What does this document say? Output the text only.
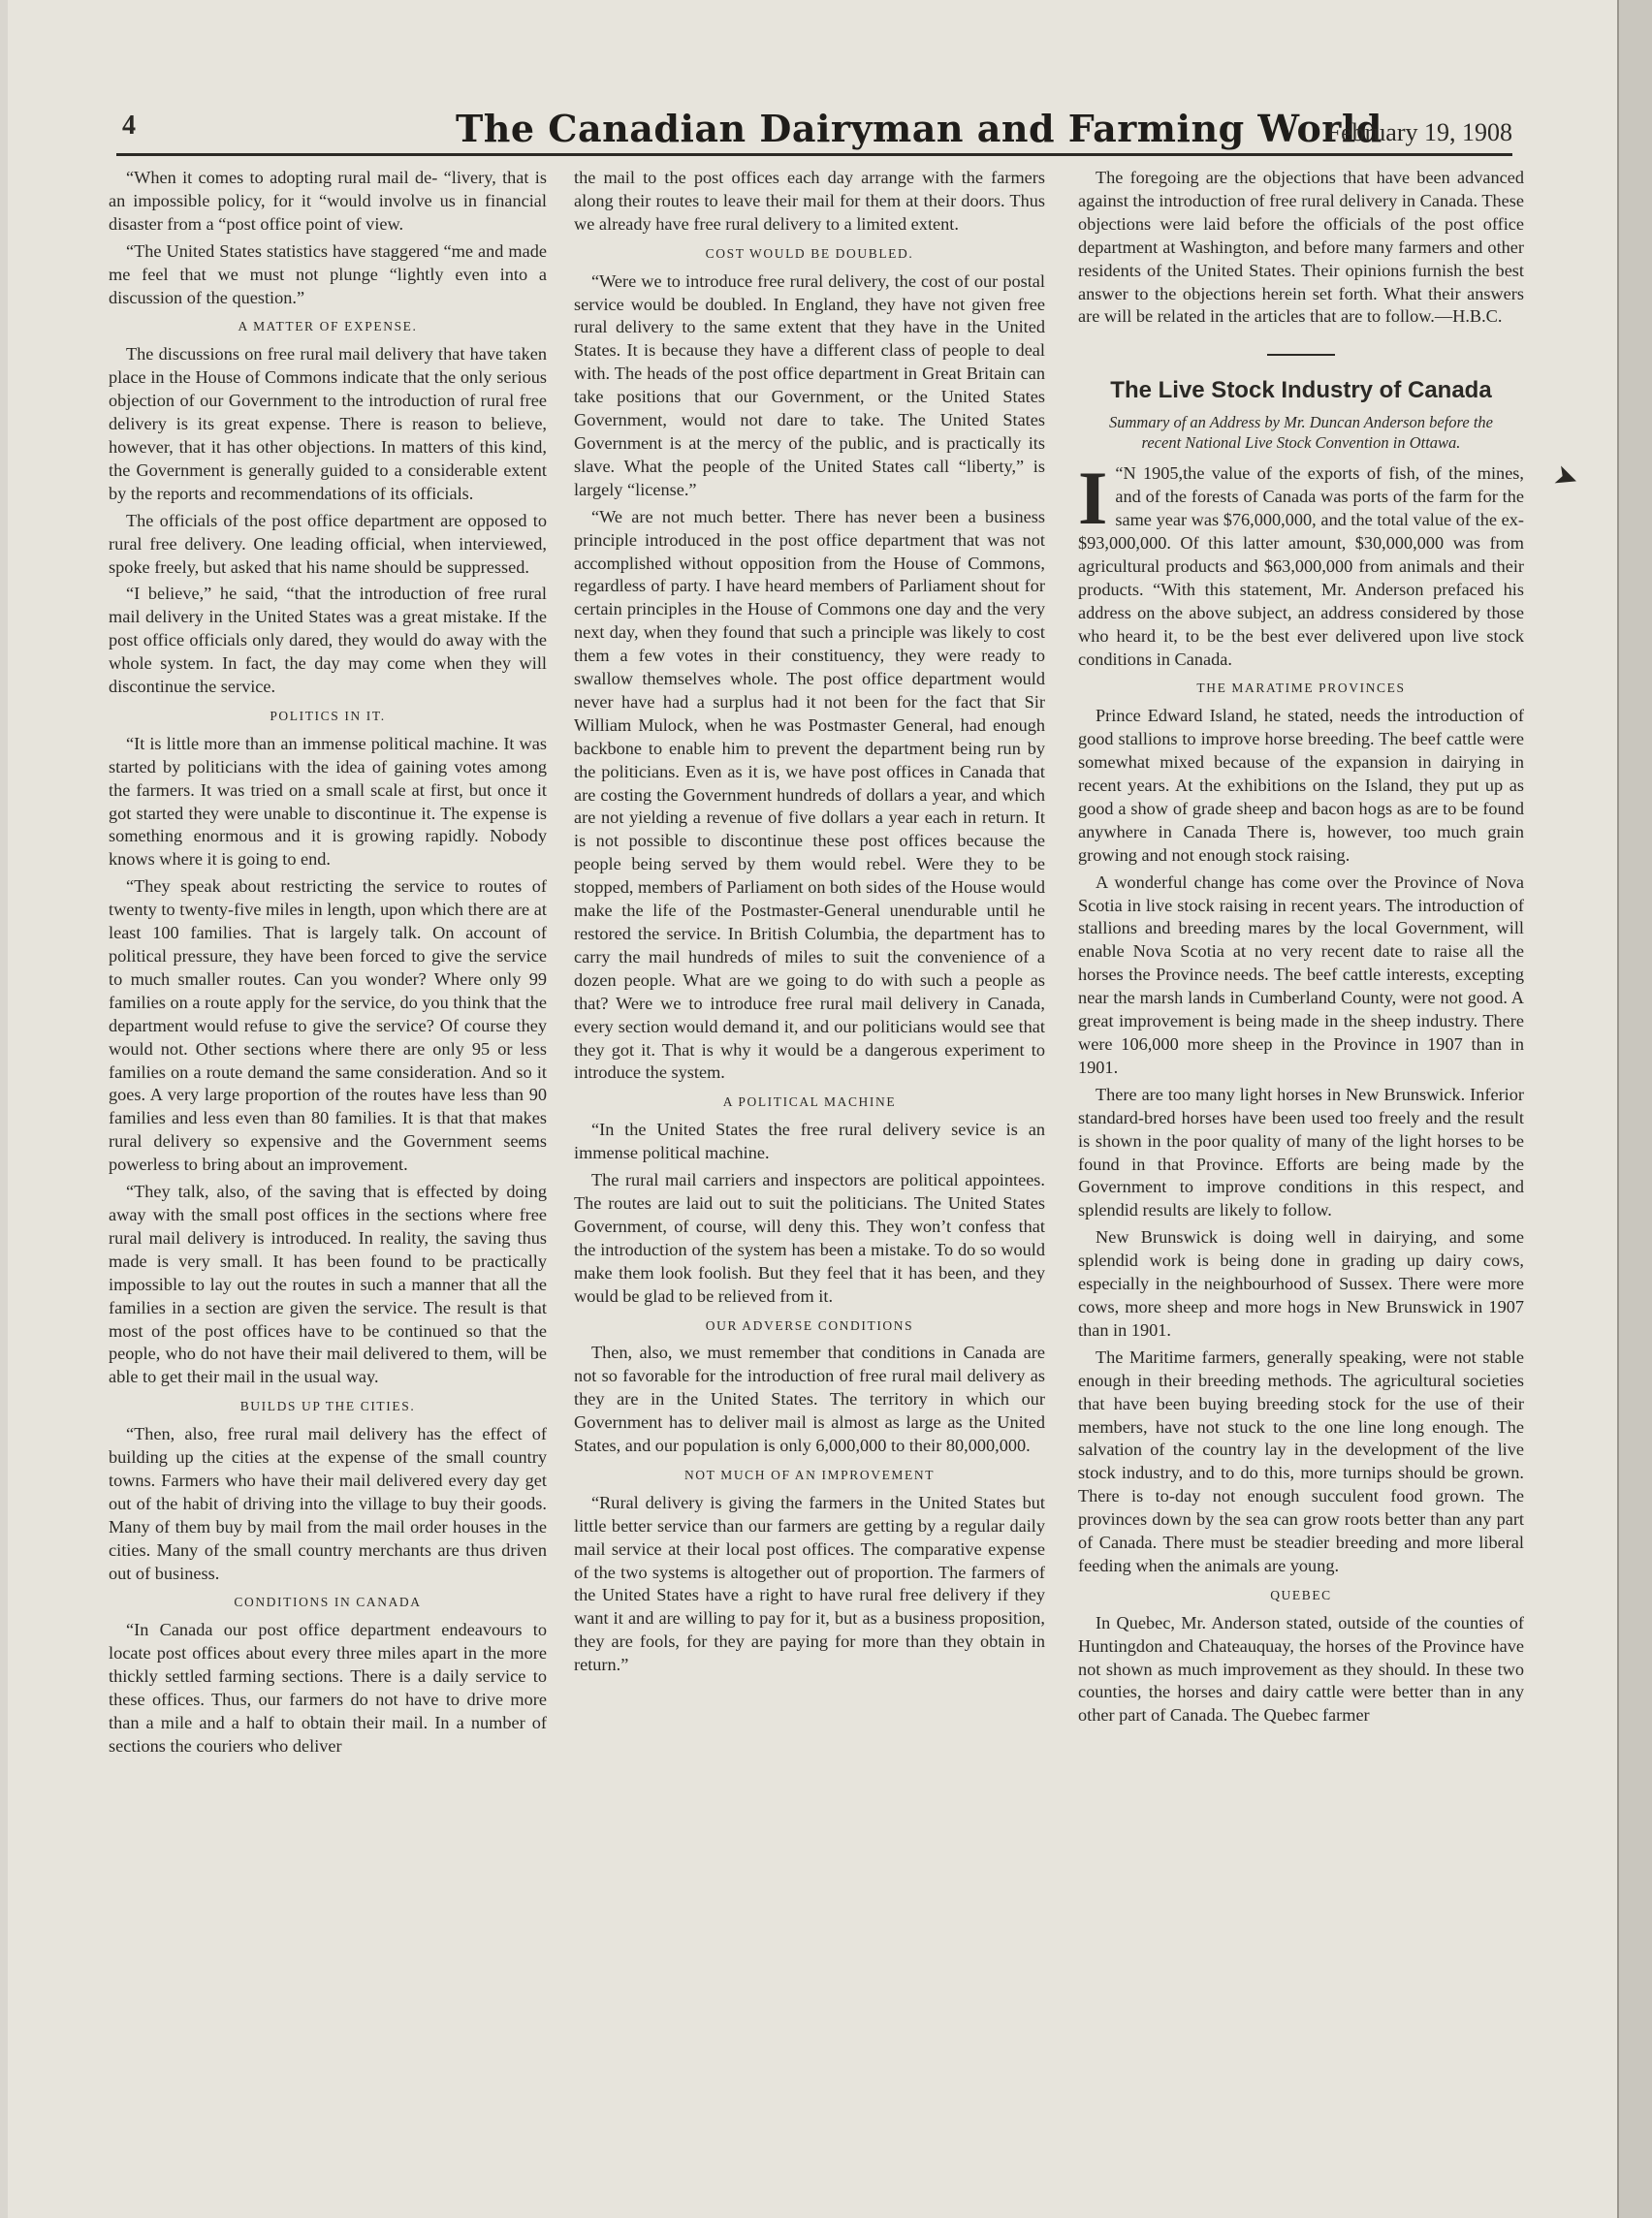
4	The Canadian Dairyman and Farming World
February 19, 1908

“When it comes to adopting rural mail de- “livery, that is an impossible policy, for it “would involve us in financial disaster from a “post office point of view.

“The United States statistics have staggered “me and made me feel that we must not plunge “lightly even into a discussion of the question.”

A MATTER OF EXPENSE.

The discussions on free rural mail delivery that have taken place in the House of Commons indicate that the only serious objection of our Government to the introduction of rural free delivery is its great expense. There is reason to believe, however, that it has other objections. In matters of this kind, the Government is generally guided to a considerable extent by the reports and recommendations of its officials.

The officials of the post office department are opposed to rural free delivery. One leading official, when interviewed, spoke freely, but asked that his name should be suppressed.

“I believe,” he said, “that the introduction of free rural mail delivery in the United States was a great mistake. If the post office officials only dared, they would do away with the whole system. In fact, the day may come when they will discontinue the service.

POLITICS IN IT.

“It is little more than an immense political machine. It was started by politicians with the idea of gaining votes among the farmers. It was tried on a small scale at first, but once it got started they were unable to discontinue it. The expense is something enormous and it is growing rapidly. Nobody knows where it is going to end.

“They speak about restricting the service to routes of twenty to twenty-five miles in length, upon which there are at least 100 families. That is largely talk. On account of political pressure, they have been forced to give the service to much smaller routes. Can you wonder? Where only 99 families on a route apply for the service, do you think that the department would refuse to give the service? Of course they would not. Other sections where there are only 95 or less families on a route demand the same consideration. And so it goes. A very large proportion of the routes have less than 90 families and less even than 80 families. It is that that makes rural delivery so expensive and the Government seems powerless to bring about an improvement.

“They talk, also, of the saving that is effected by doing away with the small post offices in the sections where free rural mail delivery is introduced. In reality, the saving thus made is very small. It has been found to be practically impossible to lay out the routes in such a manner that all the families in a section are given the service. The result is that most of the post offices have to be continued so that the people, who do not have their mail delivered to them, will be able to get their mail in the usual way.

BUILDS UP THE CITIES.

“Then, also, free rural mail delivery has the effect of building up the cities at the expense of the small country towns. Farmers who have their mail delivered every day get out of the habit of driving into the village to buy their goods. Many of them buy by mail from the mail order houses in the cities. Many of the small country merchants are thus driven out of business.

CONDITIONS IN CANADA

“In Canada our post office department endeavours to locate post offices about every three miles apart in the more thickly settled farming sections. There is a daily service to these offices. Thus, our farmers do not have to drive more than a mile and a half to obtain their mail. In a number of sections the couriers who deliver

the mail to the post offices each day arrange with the farmers along their routes to leave their mail for them at their doors. Thus we already have free rural delivery to a limited extent.

COST WOULD BE DOUBLED.

“Were we to introduce free rural delivery, the cost of our postal service would be doubled. In England, they have not given free rural delivery to the same extent that they have in the United States. It is because they have a different class of people to deal with. The heads of the post office department in Great Britain can take positions that our Government, or the United States Government, would not dare to take. The United States Government is at the mercy of the public, and is practically its slave. What the people of the United States call “liberty,” is largely “license.”

“We are not much better. There has never been a business principle introduced in the post office department that was not accomplished without opposition from the House of Commons, regardless of party. I have heard members of Parliament shout for certain principles in the House of Commons one day and the very next day, when they found that such a principle was likely to cost them a few votes in their constituency, they were ready to swallow themselves whole. The post office department would never have had a surplus had it not been for the fact that Sir William Mulock, when he was Postmaster General, had enough backbone to enable him to prevent the department being run by the politicians. Even as it is, we have post offices in Canada that are costing the Government hundreds of dollars a year, and which are not yielding a revenue of five dollars a year each in return. It is not possible to discontinue these post offices because the people being served by them would rebel. Were they to be stopped, members of Parliament on both sides of the House would make the life of the Postmaster-General unendurable until he restored the service. In British Columbia, the department has to carry the mail hundreds of miles to suit the convenience of a dozen people. What are we going to do with such a people as that? Were we to introduce free rural mail delivery in Canada, every section would demand it, and our politicians would see that they got it. That is why it would be a dangerous experiment to introduce the system.

A POLITICAL MACHINE

“In the United States the free rural delivery sevice is an immense political machine.

The rural mail carriers and inspectors are political appointees. The routes are laid out to suit the politicians. The United States Government, of course, will deny this. They won’t confess that the introduction of the system has been a mistake. To do so would make them look foolish. But they feel that it has been, and they would be glad to be relieved from it.

OUR ADVERSE CONDITIONS

Then, also, we must remember that conditions in Canada are not so favorable for the introduction of free rural mail delivery as they are in the United States. The territory in which our Government has to deliver mail is almost as large as the United States, and our population is only 6,000,000 to their 80,000,000.

NOT MUCH OF AN IMPROVEMENT

“Rural delivery is giving the farmers in the United States but little better service than our farmers are getting by a regular daily mail service at their local post offices. The comparative expense of the two systems is altogether out of proportion. The farmers of the United States have a right to have rural free delivery if they want it and are willing to pay for it, but as a business proposition, they are fools, for they are paying for more than they obtain in return.”

The foregoing are the objections that have been advanced against the introduction of free rural delivery in Canada. These objections were laid before the officials of the post office department at Washington, and before many farmers and other residents of the United States. Their opinions furnish the best answer to the objections herein set forth. What their answers are will be related in the articles that are to follow.—H.B.C.

The Live Stock Industry of Canada
Summary of an Address by Mr. Duncan Anderson before the recent National Live Stock Convention in Ottawa.

I “N 1905,the value of the exports of fish, of the mines, and of the forests of Canada was ports of the farm for the same year was $76,000,000, and the total value of the ex- $93,000,000. Of this latter amount, $30,000,000 was from agricultural products and $63,000,000 from animals and their products. “With this statement, Mr. Anderson prefaced his address on the above subject, an address considered by those who heard it, to be the best ever delivered upon live stock conditions in Canada.

THE MARATIME PROVINCES

Prince Edward Island, he stated, needs the introduction of good stallions to improve horse breeding. The beef cattle were somewhat mixed because of the expansion in dairying in recent years. At the exhibitions on the Island, they put up as good a show of grade sheep and bacon hogs as are to be found anywhere in Canada There is, however, too much grain growing and not enough stock raising.

A wonderful change has come over the Province of Nova Scotia in live stock raising in recent years. The introduction of stallions and breeding mares by the local Government, will enable Nova Scotia at no very recent date to raise all the horses the Province needs. The beef cattle interests, excepting near the marsh lands in Cumberland County, were not good. A great improvement is being made in the sheep industry. There were 106,000 more sheep in the Province in 1907 than in 1901.

There are too many light horses in New Brunswick. Inferior standard-bred horses have been used too freely and the result is shown in the poor quality of many of the light horses to be found in that Province. Efforts are being made by the Government to improve conditions in this respect, and splendid results are likely to follow.

New Brunswick is doing well in dairying, and some splendid work is being done in grading up dairy cows, especially in the neighbourhood of Sussex. There were more cows, more sheep and more hogs in New Brunswick in 1907 than in 1901.

The Maritime farmers, generally speaking, were not stable enough in their breeding methods. The agricultural societies that have been buying breeding stock for the use of their members, have not stuck to the one line long enough. The salvation of the country lay in the development of the live stock industry, and to do this, more turnips should be grown. There is to-day not enough succulent food grown. The provinces down by the sea can grow roots better than any part of Canada. There must be steadier breeding and more liberal feeding when the animals are young.

QUEBEC

In Quebec, Mr. Anderson stated, outside of the counties of Huntingdon and Chateauquay, the horses of the Province have not shown as much improvement as they should. In these two counties, the horses and dairy cattle were better than in any other part of Canada. The Quebec farmer

➤
